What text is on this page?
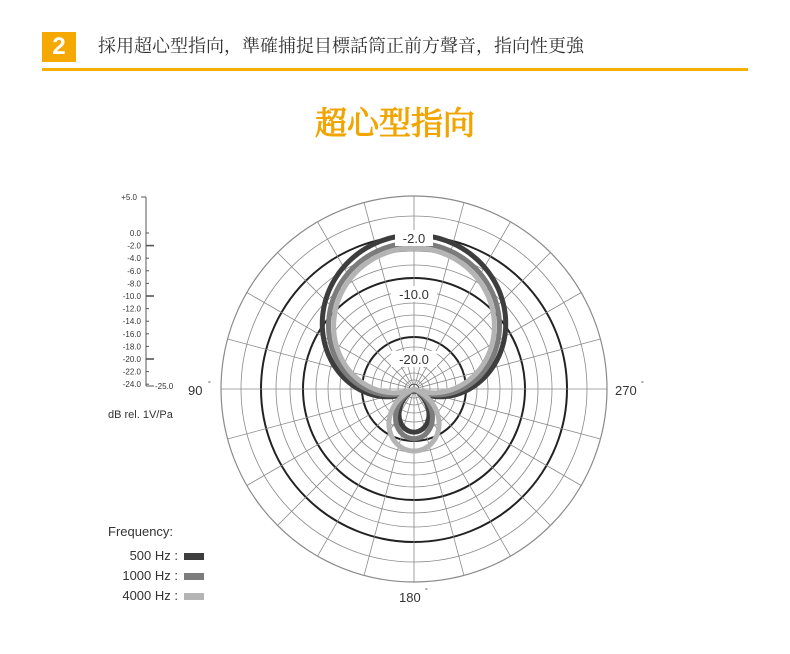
2	採用超心型指向，準確捕捉目標話筒正前方聲音，指向性更強
超心型指向
+5.0
0.0
-2.0
-4.0
-6.0
-8.0
-10.0
-12.0
-14.0
-16.0
-18.0
-20.0
-22.0
-24.0 -25.0
dB rel. 1V/Pa
-2.0
-10.0
-20.0
90 °	270 °
180 °
Frequency:
500 Hz :
1000 Hz :
4000 Hz :
